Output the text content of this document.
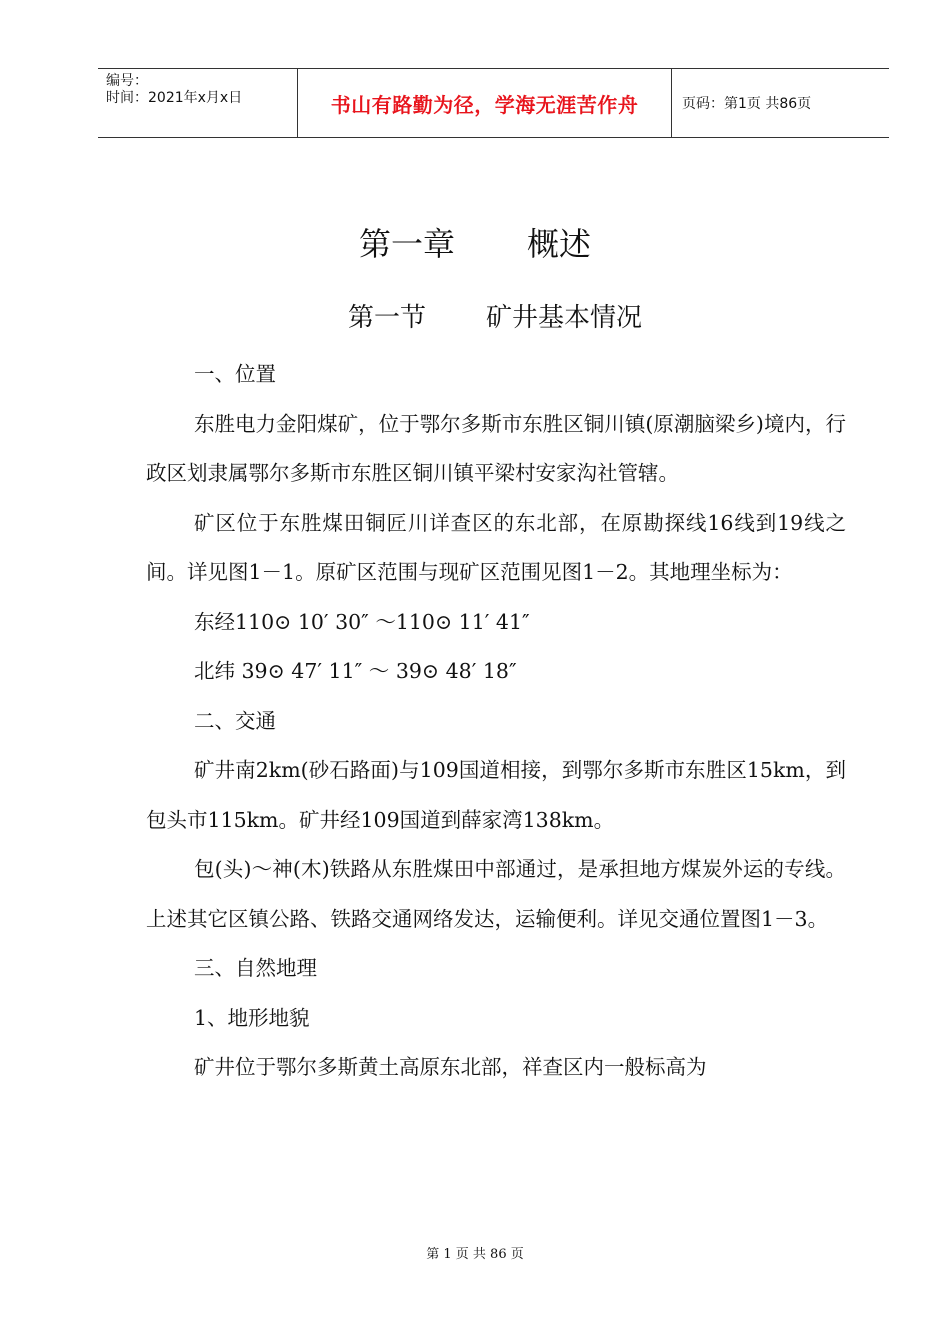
编号：
时间：2021年x月x日	书山有路勤为径，学海无涯苦作舟	页码：第1页 共86页
第一章 概述
第一节 矿井基本情况

一、位置

东胜电力金阳煤矿，位于鄂尔多斯市东胜区铜川镇(原潮脑梁乡)境内，行政区划隶属鄂尔多斯市东胜区铜川镇平梁村安家沟社管辖。

矿区位于东胜煤田铜匠川详查区的东北部，在原勘探线16线到19线之间。详见图1－1。原矿区范围与现矿区范围见图1－2。其地理坐标为：

东经110⊙ 10′ 30″ ～110⊙ 11′ 41″

北纬 39⊙ 47′ 11″ ～ 39⊙ 48′ 18″

二、交通

矿井南2km(砂石路面)与109国道相接，到鄂尔多斯市东胜区15km，到包头市115km。矿井经109国道到薛家湾138km。

包(头)～神(木)铁路从东胜煤田中部通过，是承担地方煤炭外运的专线。上述其它区镇公路、铁路交通网络发达，运输便利。详见交通位置图1－3。

三、自然地理

1、地形地貌

矿井位于鄂尔多斯黄土高原东北部，祥查区内一般标高为

第 1 页 共 86 页
